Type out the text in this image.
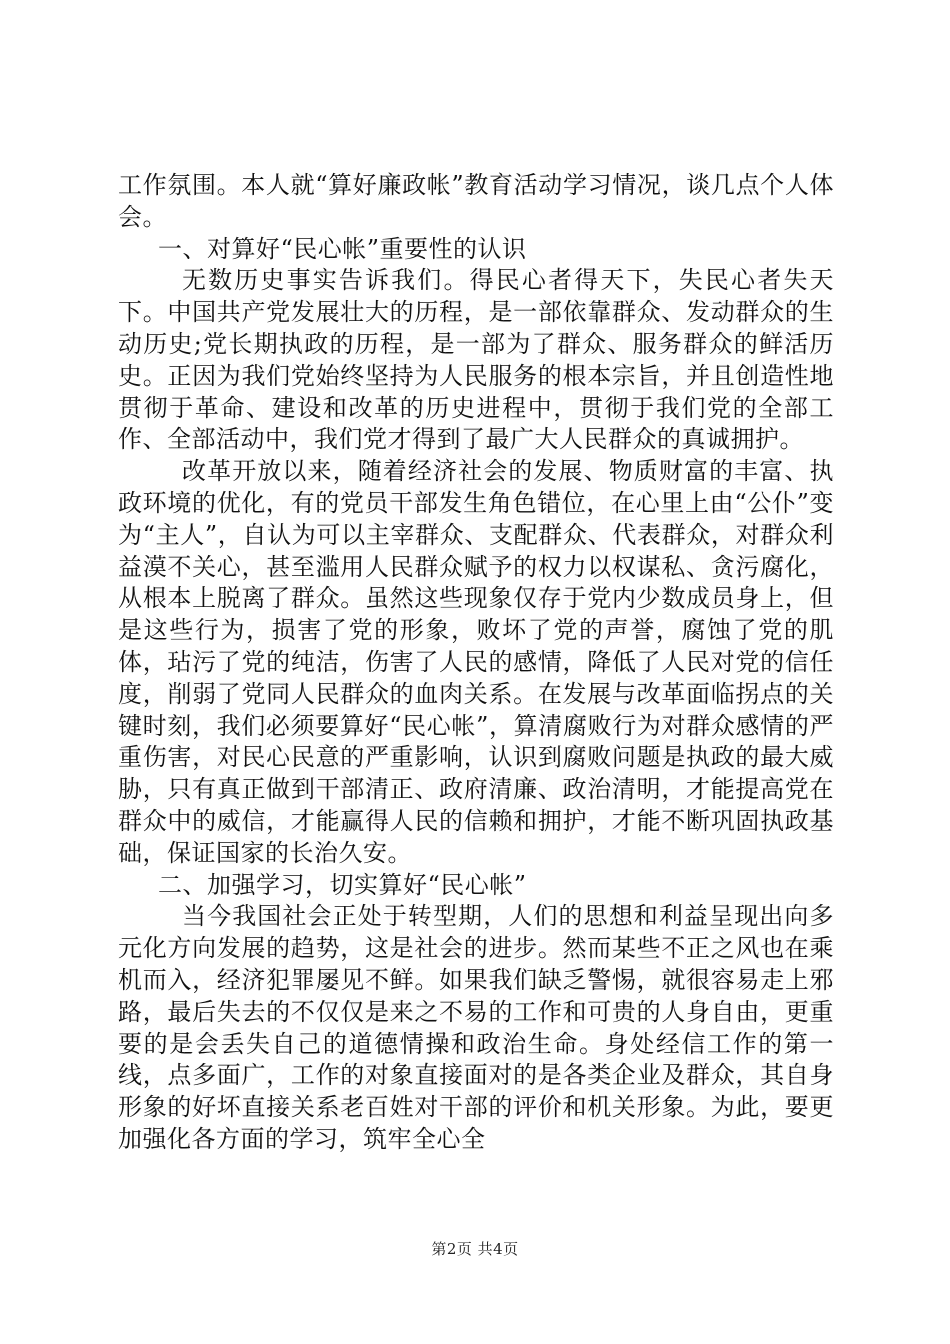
工作氛围。本人就“算好廉政帐”教育活动学习情况，谈几点个人体会。

一、对算好“民心帐”重要性的认识

无数历史事实告诉我们。得民心者得天下，失民心者失天下。中国共产党发展壮大的历程，是一部依靠群众、发动群众的生动历史;党长期执政的历程，是一部为了群众、服务群众的鲜活历史。正因为我们党始终坚持为人民服务的根本宗旨，并且创造性地贯彻于革命、建设和改革的历史进程中，贯彻于我们党的全部工作、全部活动中，我们党才得到了最广大人民群众的真诚拥护。

改革开放以来，随着经济社会的发展、物质财富的丰富、执政环境的优化，有的党员干部发生角色错位，在心里上由“公仆”变为“主人”，自认为可以主宰群众、支配群众、代表群众，对群众利益漠不关心，甚至滥用人民群众赋予的权力以权谋私、贪污腐化，从根本上脱离了群众。虽然这些现象仅存于党内少数成员身上，但是这些行为，损害了党的形象，败坏了党的声誉，腐蚀了党的肌体，玷污了党的纯洁，伤害了人民的感情，降低了人民对党的信任度，削弱了党同人民群众的血肉关系。在发展与改革面临拐点的关键时刻，我们必须要算好“民心帐”，算清腐败行为对群众感情的严重伤害，对民心民意的严重影响，认识到腐败问题是执政的最大威胁，只有真正做到干部清正、政府清廉、政治清明，才能提高党在群众中的威信，才能赢得人民的信赖和拥护，才能不断巩固执政基础，保证国家的长治久安。

二、加强学习，切实算好“民心帐”

当今我国社会正处于转型期，人们的思想和利益呈现出向多元化方向发展的趋势，这是社会的进步。然而某些不正之风也在乘机而入，经济犯罪屡见不鲜。如果我们缺乏警惕，就很容易走上邪路，最后失去的不仅仅是来之不易的工作和可贵的人身自由，更重要的是会丢失自己的道德情操和政治生命。身处经信工作的第一线，点多面广，工作的对象直接面对的是各类企业及群众，其自身形象的好坏直接关系老百姓对干部的评价和机关形象。为此，要更加强化各方面的学习，筑牢全心全

第2页 共4页
